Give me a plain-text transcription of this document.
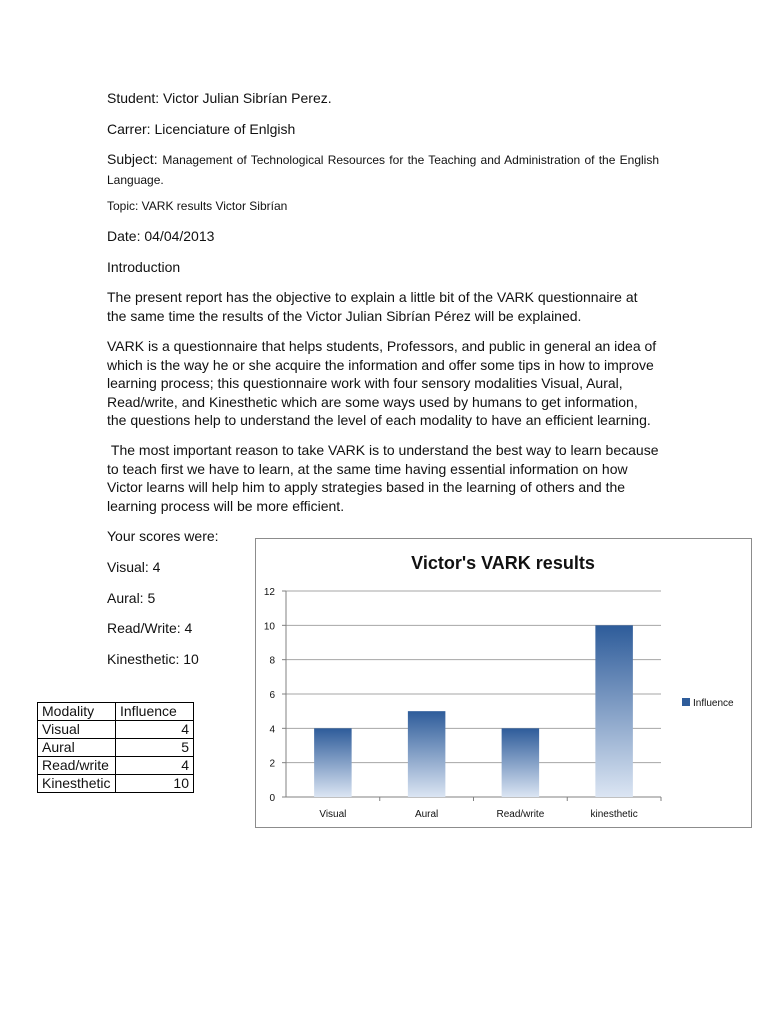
Student: Victor Julian Sibrían Perez.
Carrer: Licenciature of Enlgish
Subject: Management of Technological Resources for the Teaching and Administration of the English Language.
Topic: VARK results Victor Sibrían
Date: 04/04/2013
Introduction
The present report has the objective to explain a little bit of the VARK questionnaire at the same time the results of the Victor Julian Sibrían Pérez will be explained.
VARK is a questionnaire that helps students, Professors, and public in general an idea of which is the way he or she acquire the information and offer some tips in how to improve learning process; this questionnaire work with four sensory modalities Visual, Aural, Read/write, and Kinesthetic which are some ways used by humans to get information, the questions help to understand the level of each modality to have an efficient learning.
The most important reason to take VARK is to understand the best way to learn because to teach first we have to learn, at the same time having essential information on how Victor learns will help him to apply strategies based in the learning of others and the learning process will be more efficient.
Your scores were:
Visual: 4
Aural: 5
Read/Write: 4
Kinesthetic: 10
Modality	Influence
Visual	4
Aural	5
Read/write	4
Kinesthetic	10
Victor's VARK results
0
2
4
6
8
10
12
Visual	Aural	Read/write	kinesthetic
Influence
